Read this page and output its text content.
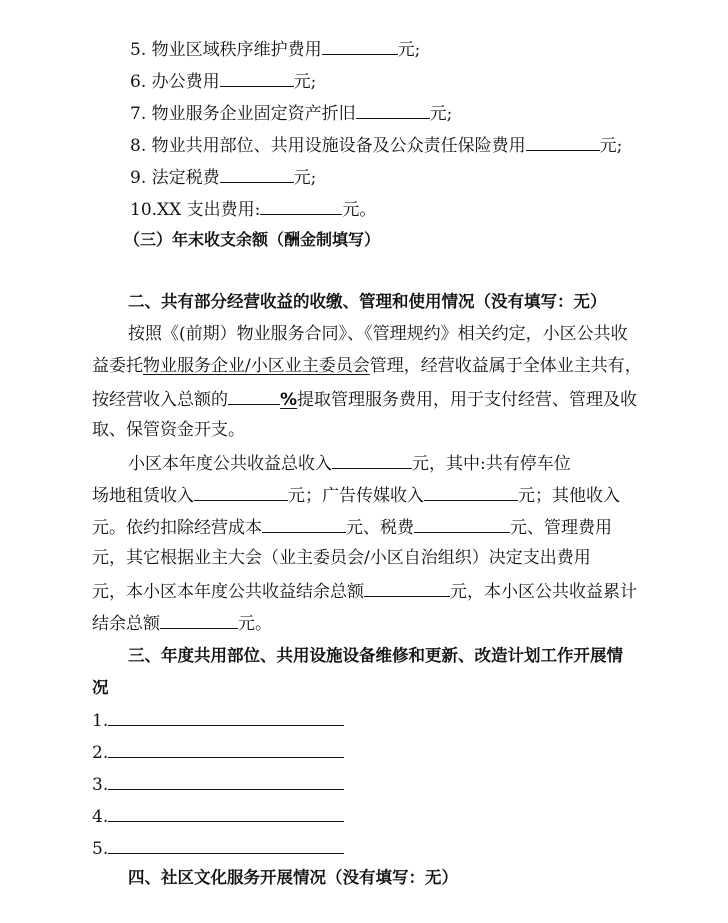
5. 物业区域秩序维护费用	元;
6. 办公费用	元;
7. 物业服务企业固定资产折旧	元;
8. 物业共用部位、共用设施设备及公众责任保险费用	元;
9. 法定税费	元;
10.XX 支出费用:	元。
（三）年末收支余额（酬金制填写）
二、共有部分经营收益的收缴、管理和使用情况（没有填写：无）
按照《(前期）物业服务合同》、《管理规约》相关约定，小区公共收
益委托物业服务企业/小区业主委员会管理，经营收益属于全体业主共有，
按经营收入总额的	%提取管理服务费用，用于支付经营、管理及收
取、保管资金开支。
小区本年度公共收益总收入	元，其中:共有停车位
场地租赁收入	元；广告传媒收入	元；其他收入
元。依约扣除经营成本	元、税费	元、管理费用
元，其它根据业主大会（业主委员会/小区自治组织）决定支出费用
元，本小区本年度公共收益结余总额	元，本小区公共收益累计
结余总额	元。
三、年度共用部位、共用设施设备维修和更新、改造计划工作开展情
况
1.
2.
3.
4.
5.
四、社区文化服务开展情况（没有填写：无）
